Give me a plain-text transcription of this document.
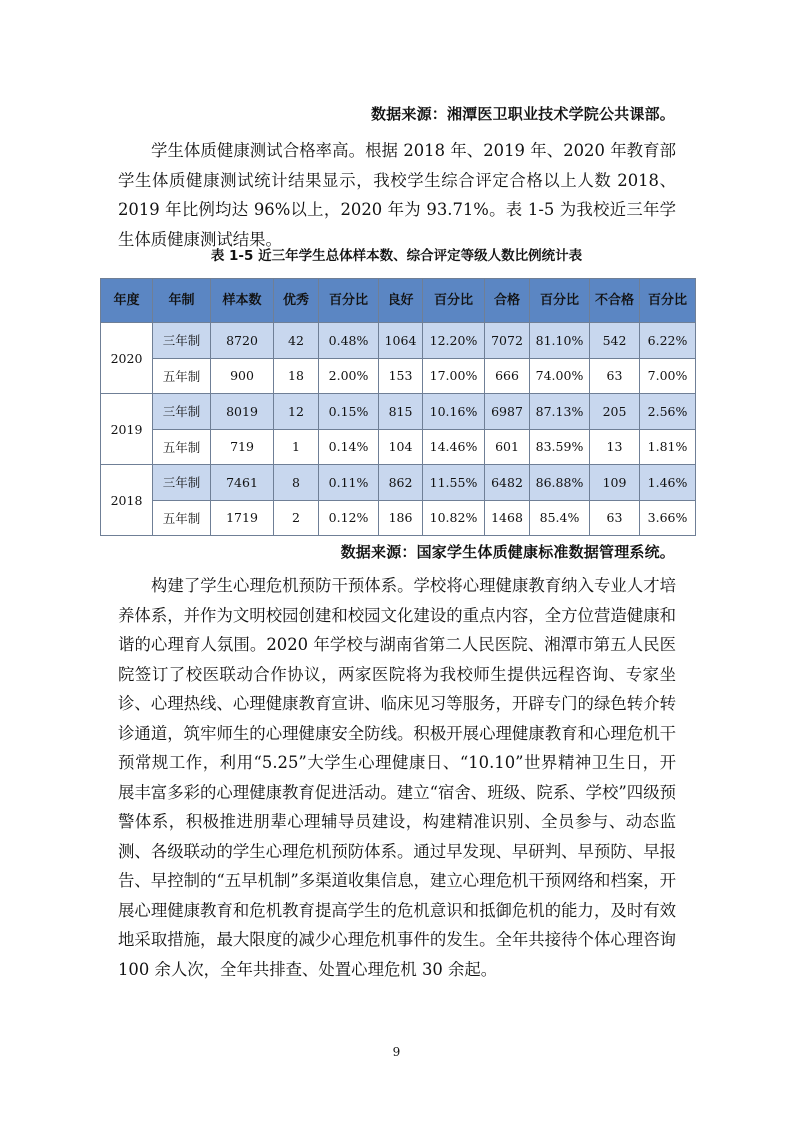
数据来源：湘潭医卫职业技术学院公共课部。

学生体质健康测试合格率高。根据 2018 年、2019 年、2020 年教育部学生体质健康测试统计结果显示，我校学生综合评定合格以上人数 2018、2019 年比例均达 96%以上，2020 年为 93.71%。表 1-5 为我校近三年学生体质健康测试结果。

表 1-5 近三年学生总体样本数、综合评定等级人数比例统计表
年度	年制	样本数	优秀	百分比	良好	百分比	合格	百分比	不合格	百分比
2020	三年制	8720	42	0.48%	1064	12.20%	7072	81.10%	542	6.22%
	五年制	900	18	2.00%	153	17.00%	666	74.00%	63	7.00%
2019	三年制	8019	12	0.15%	815	10.16%	6987	87.13%	205	2.56%
	五年制	719	1	0.14%	104	14.46%	601	83.59%	13	1.81%
2018	三年制	7461	8	0.11%	862	11.55%	6482	86.88%	109	1.46%
	五年制	1719	2	0.12%	186	10.82%	1468	85.4%	63	3.66%
数据来源：国家学生体质健康标准数据管理系统。

构建了学生心理危机预防干预体系。学校将心理健康教育纳入专业人才培养体系，并作为文明校园创建和校园文化建设的重点内容，全方位营造健康和谐的心理育人氛围。2020 年学校与湖南省第二人民医院、湘潭市第五人民医院签订了校医联动合作协议，两家医院将为我校师生提供远程咨询、专家坐诊、心理热线、心理健康教育宣讲、临床见习等服务，开辟专门的绿色转介转诊通道，筑牢师生的心理健康安全防线。积极开展心理健康教育和心理危机干预常规工作，利用“5.25”大学生心理健康日、“10.10”世界精神卫生日，开展丰富多彩的心理健康教育促进活动。建立“宿舍、班级、院系、学校”四级预警体系，积极推进朋辈心理辅导员建设，构建精准识别、全员参与、动态监测、各级联动的学生心理危机预防体系。通过早发现、早研判、早预防、早报告、早控制的“五早机制”多渠道收集信息，建立心理危机干预网络和档案，开展心理健康教育和危机教育提高学生的危机意识和抵御危机的能力，及时有效地采取措施，最大限度的减少心理危机事件的发生。全年共接待个体心理咨询 100 余人次，全年共排查、处置心理危机 30 余起。

9
